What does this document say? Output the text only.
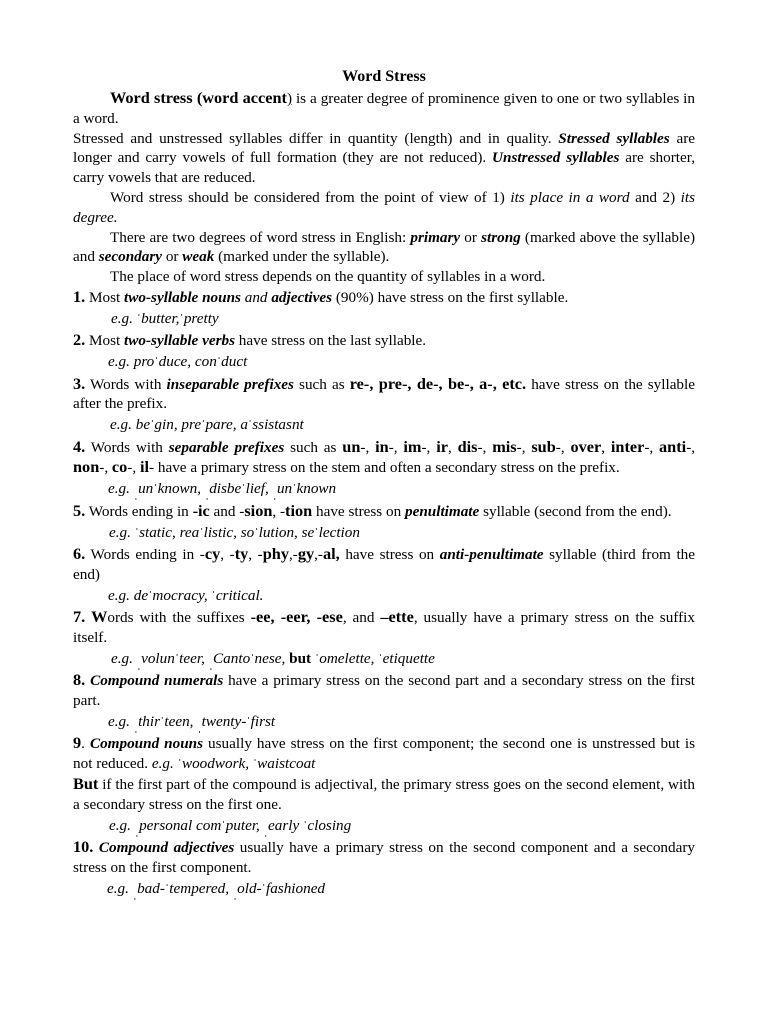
Word Stress

Word stress (word accent) is a greater degree of prominence given to one or two syllables in a word.

Stressed and unstressed syllables differ in quantity (length) and in quality. Stressed syllables are longer and carry vowels of full formation (they are not reduced). Unstressed syllables are shorter, carry vowels that are reduced.

Word stress should be considered from the point of view of 1) its place in a word and 2) its degree.

There are two degrees of word stress in English: primary or strong (marked above the syllable) and secondary or weak (marked under the syllable).

The place of word stress depends on the quantity of syllables in a word.

1. Most two-syllable nouns and adjectives (90%) have stress on the first syllable.

e.g. ˈbutter,ˈpretty

2. Most two-syllable verbs have stress on the last syllable.

e.g. proˈduce, conˈduct

3. Words with inseparable prefixes such as re-, pre-, de-, be-, a-, etc. have stress on the syllable after the prefix.

e.g. beˈgin, preˈpare, aˈssistasnt

4. Words with separable prefixes such as un-, in-, im-, ir, dis-, mis-, sub-, over, inter-, anti-, non-, co-, il- have a primary stress on the stem and often a secondary stress on the prefix.

e.g. ˌunˈknown, ˌdisbeˈlief, ˌunˈknown

5. Words ending in -ic and -sion, -tion have stress on penultimate syllable (second from the end).

e.g. ˈstatic, reaˈlistic, soˈlution, seˈlection

6. Words ending in -cy, -ty, -phy,-gy,-al, have stress on anti-penultimate syllable (third from the end)

e.g. deˈmocracy, ˈcritical.

7. Words with the suffixes -ee, -eer, -ese, and –ette, usually have a primary stress on the suffix itself.

e.g. ˌvolunˈteer, ˌCantoˈnese, but ˈomelette, ˈetiquette

8. Compound numerals have a primary stress on the second part and a secondary stress on the first part.

e.g. ˌthirˈteen, ˌtwenty-ˈfirst

9. Compound nouns usually have stress on the first component; the second one is unstressed but is not reduced. e.g. ˈwoodwork, ˈwaistcoat

But if the first part of the compound is adjectival, the primary stress goes on the second element, with a secondary stress on the first one.

e.g. ˌpersonal comˈputer, ˌearly ˈclosing

10. Compound adjectives usually have a primary stress on the second component and a secondary stress on the first component.

e.g. ˌbad-ˈtempered, ˌold-ˈfashioned
